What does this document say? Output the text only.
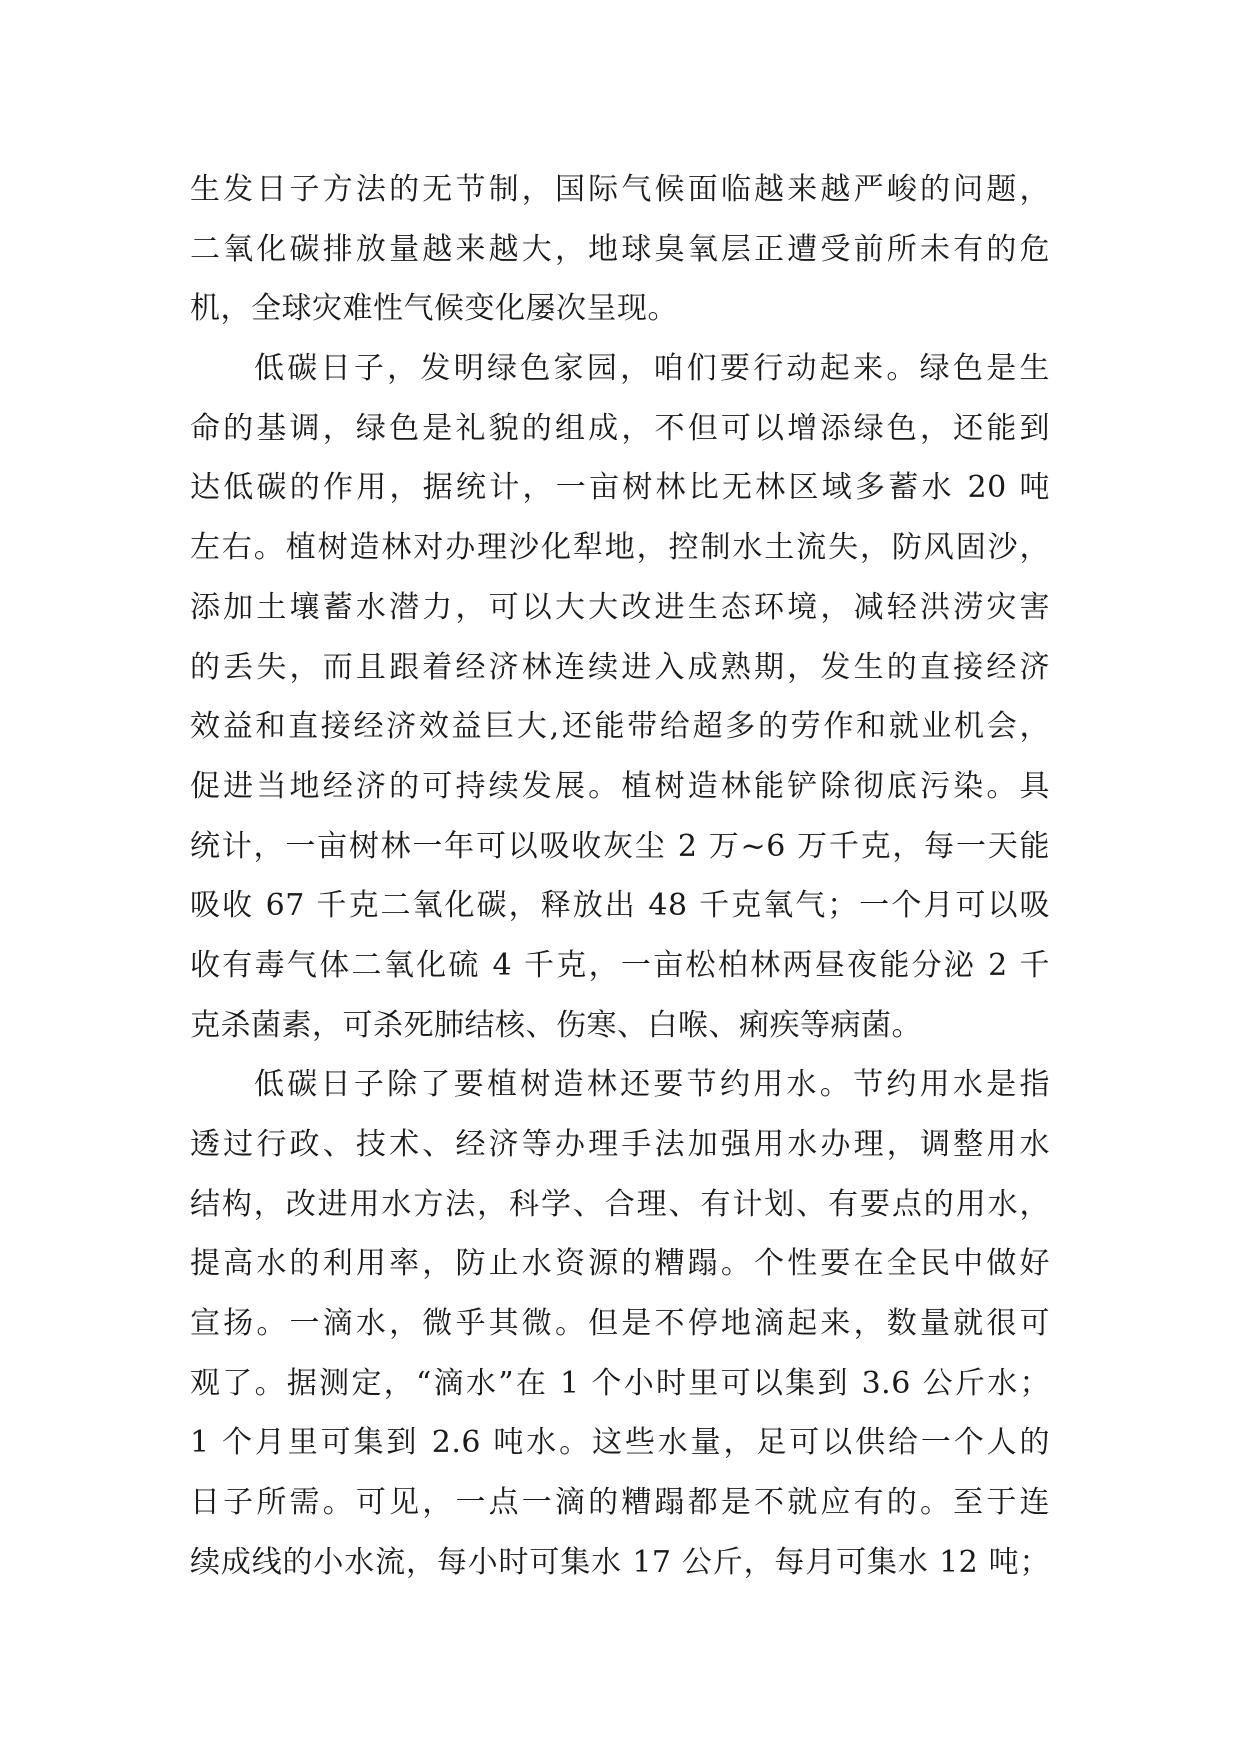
生发日子方法的无节制，国际气候面临越来越严峻的问题，
二氧化碳排放量越来越大，地球臭氧层正遭受前所未有的危
机，全球灾难性气候变化屡次呈现。
低碳日子，发明绿色家园，咱们要行动起来。绿色是生
命的基调，绿色是礼貌的组成，不但可以增添绿色，还能到
达低碳的作用，据统计，一亩树林比无林区域多蓄水 20 吨
左右。植树造林对办理沙化犁地，控制水土流失，防风固沙，
添加土壤蓄水潜力，可以大大改进生态环境，减轻洪涝灾害
的丢失，而且跟着经济林连续进入成熟期，发生的直接经济
效益和直接经济效益巨大,还能带给超多的劳作和就业机会，
促进当地经济的可持续发展。植树造林能铲除彻底污染。具
统计，一亩树林一年可以吸收灰尘 2 万~6 万千克，每一天能
吸收 67 千克二氧化碳，释放出 48 千克氧气；一个月可以吸
收有毒气体二氧化硫 4 千克，一亩松柏林两昼夜能分泌 2 千
克杀菌素，可杀死肺结核、伤寒、白喉、痢疾等病菌。
低碳日子除了要植树造林还要节约用水。节约用水是指
透过行政、技术、经济等办理手法加强用水办理，调整用水
结构，改进用水方法，科学、合理、有计划、有要点的用水，
提高水的利用率，防止水资源的糟蹋。个性要在全民中做好
宣扬。一滴水，微乎其微。但是不停地滴起来，数量就很可
观了。据测定，“滴水”在 1 个小时里可以集到 3.6 公斤水；
1 个月里可集到 2.6 吨水。这些水量，足可以供给一个人的
日子所需。可见，一点一滴的糟蹋都是不就应有的。至于连
续成线的小水流，每小时可集水 17 公斤，每月可集水 12 吨；
